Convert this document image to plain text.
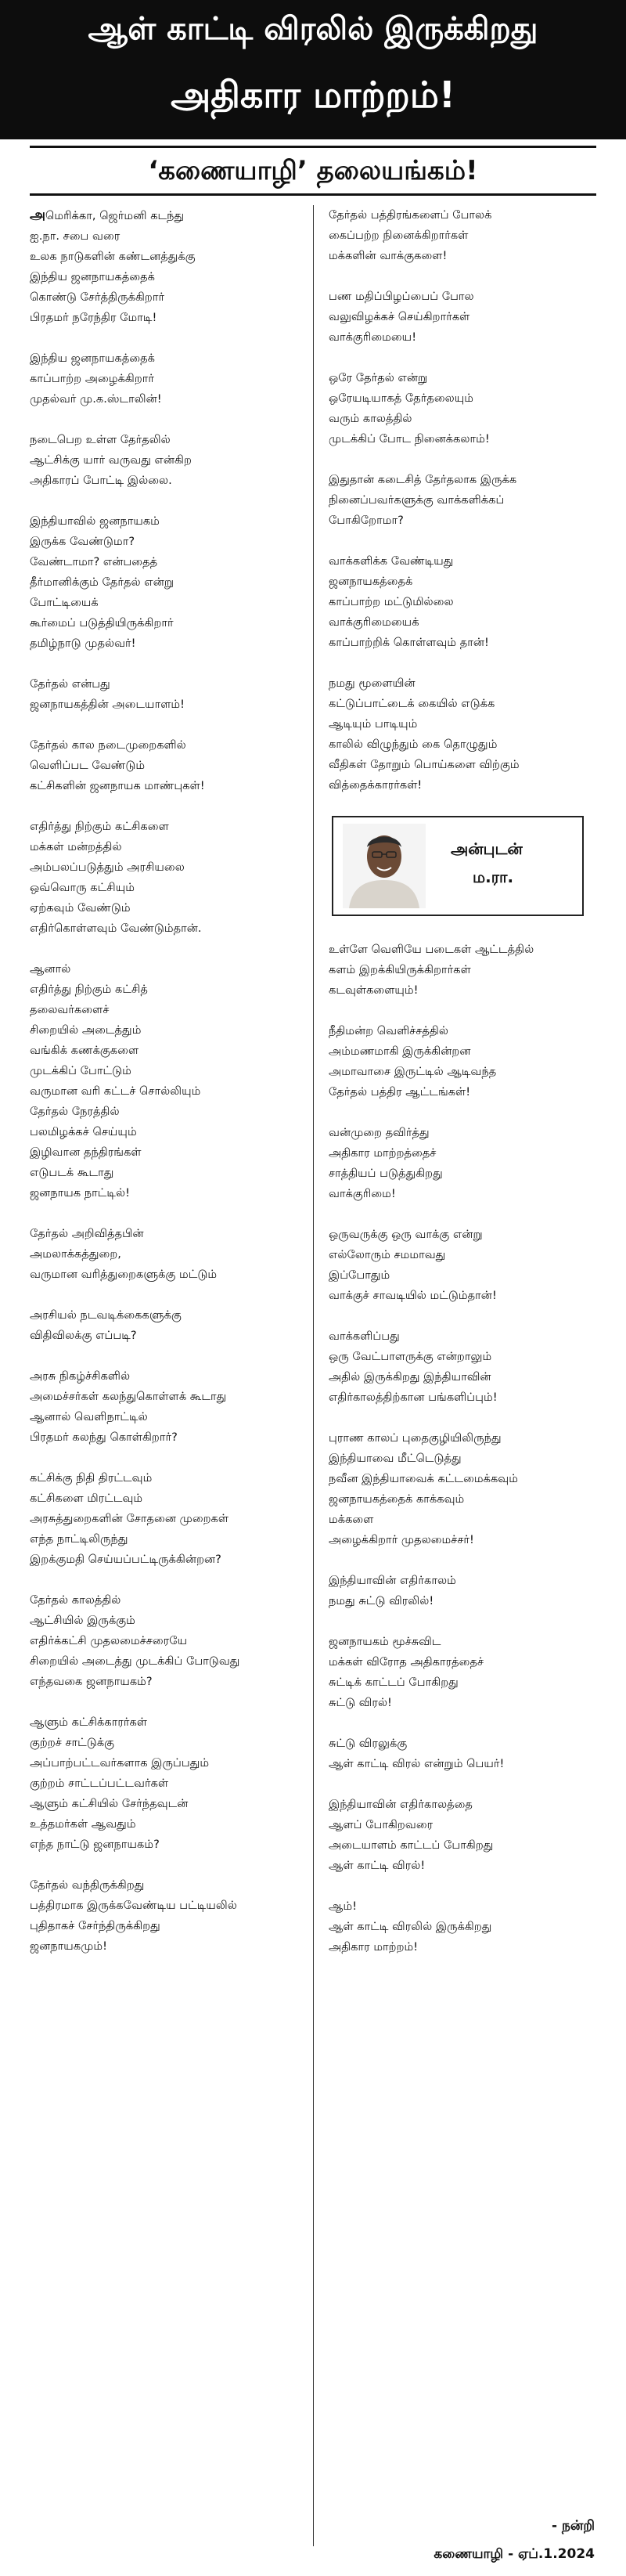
ஆள் காட்டி விரலில் இருக்கிறது
அதிகார மாற்றம்!
‘கணையாழி’ தலையங்கம்!
அமெரிக்கா, ஜெர்மனி கடந்து
ஐ.நா. சபை வரை
உலக நாடுகளின் கண்டனத்துக்கு
இந்திய ஜனநாயகத்தைக்
கொண்டு சேர்த்திருக்கிறார்
பிரதமர் நரேந்திர மோடி!
இந்திய ஜனநாயகத்தைக்
காப்பாற்ற அழைக்கிறார்
முதல்வர் மு.க.ஸ்டாலின்!
நடைபெற உள்ள தேர்தலில்
ஆட்சிக்கு யார் வருவது என்கிற
அதிகாரப் போட்டி இல்லை.
இந்தியாவில் ஜனநாயகம்
இருக்க வேண்டுமா?
வேண்டாமா? என்பதைத்
தீர்மானிக்கும் தேர்தல் என்று
போட்டியைக்
கூர்மைப் படுத்தியிருக்கிறார்
தமிழ்நாடு முதல்வர்!
தேர்தல் என்பது
ஜனநாயகத்தின் அடையாளம்!
தேர்தல் கால நடைமுறைகளில்
வெளிப்பட வேண்டும்
கட்சிகளின் ஜனநாயக மாண்புகள்!
எதிர்த்து நிற்கும் கட்சிகளை
மக்கள் மன்றத்தில்
அம்பலப்படுத்தும் அரசியலை
ஒவ்வொரு கட்சியும்
ஏற்கவும் வேண்டும்
எதிர்கொள்ளவும் வேண்டும்தான்.
ஆனால்
எதிர்த்து நிற்கும் கட்சித்
தலைவர்களைச்
சிறையில் அடைத்தும்
வங்கிக் கணக்குகளை
முடக்கிப் போட்டும்
வருமான வரி கட்டச் சொல்லியும்
தேர்தல் நேரத்தில்
பலமிழக்கச் செய்யும்
இழிவான தந்திரங்கள்
எடுபடக் கூடாது
ஜனநாயக நாட்டில்!
தேர்தல் அறிவித்தபின்
அமலாக்கத்துறை,
வருமான வரித்துறைகளுக்கு மட்டும்
அரசியல் நடவடிக்கைகளுக்கு
விதிவிலக்கு எப்படி?
அரசு நிகழ்ச்சிகளில்
அமைச்சர்கள் கலந்துகொள்ளக் கூடாது
ஆனால் வெளிநாட்டில்
பிரதமர் கலந்து கொள்கிறார்?
கட்சிக்கு நிதி திரட்டவும்
கட்சிகளை மிரட்டவும்
அரசுத்துறைகளின் சோதனை முறைகள்
எந்த நாட்டிலிருந்து
இறக்குமதி செய்யப்பட்டிருக்கின்றன?
தேர்தல் காலத்தில்
ஆட்சியில் இருக்கும்
எதிர்க்கட்சி முதலமைச்சரையே
சிறையில் அடைத்து முடக்கிப் போடுவது
எந்தவகை ஜனநாயகம்?
ஆளும் கட்சிக்காரர்கள்
குற்றச் சாட்டுக்கு
அப்பாற்பட்டவர்களாக இருப்பதும்
குற்றம் சாட்டப்பட்டவர்கள்
ஆளும் கட்சியில் சேர்ந்தவுடன்
உத்தமர்கள் ஆவதும்
எந்த நாட்டு ஜனநாயகம்?
தேர்தல் வந்திருக்கிறது
பத்திரமாக இருக்கவேண்டிய பட்டியலில்
புதிதாகச் சேர்ந்திருக்கிறது
ஜனநாயகமும்!
தேர்தல் பத்திரங்களைப் போலக்
கைப்பற்ற நினைக்கிறார்கள்
மக்களின் வாக்குகளை!
பண மதிப்பிழப்பைப் போல
வலுவிழக்கச் செய்கிறார்கள்
வாக்குரிமையை!
ஒரே தேர்தல் என்று
ஒரேயடியாகத் தேர்தலையும்
வரும் காலத்தில்
முடக்கிப் போட நினைக்கலாம்!
இதுதான் கடைசித் தேர்தலாக இருக்க
நினைப்பவர்களுக்கு வாக்களிக்கப்
போகிறோமா?
வாக்களிக்க வேண்டியது
ஜனநாயகத்தைக்
காப்பாற்ற மட்டுமில்லை
வாக்குரிமையைக்
காப்பாற்றிக் கொள்ளவும் தான்!
நமது மூளையின்
கட்டுப்பாட்டைக் கையில் எடுக்க
ஆடியும் பாடியும்
காலில் விழுந்தும் கை தொழுதும்
வீதிகள் தோறும் பொய்களை விற்கும்
வித்தைக்காரர்கள்!
அன்புடன்
ம.ரா.
உள்ளே வெளியே படைகள் ஆட்டத்தில்
களம் இறக்கியிருக்கிறார்கள்
கடவுள்களையும்!
நீதிமன்ற வெளிச்சத்தில்
அம்மணமாகி இருக்கின்றன
அமாவாசை இருட்டில் ஆடிவந்த
தேர்தல் பத்திர ஆட்டங்கள்!
வன்முறை தவிர்த்து
அதிகார மாற்றத்தைச்
சாத்தியப் படுத்துகிறது
வாக்குரிமை!
ஒருவருக்கு ஒரு வாக்கு என்று
எல்லோரும் சமமாவது
இப்போதும்
வாக்குச் சாவடியில் மட்டும்தான்!
வாக்களிப்பது
ஒரு வேட்பாளருக்கு என்றாலும்
அதில் இருக்கிறது இந்தியாவின்
எதிர்காலத்திற்கான பங்களிப்பும்!
புராண காலப் புதைகுழியிலிருந்து
இந்தியாவை மீட்டெடுத்து
நவீன இந்தியாவைக் கட்டமைக்கவும்
ஜனநாயகத்தைக் காக்கவும்
மக்களை
அழைக்கிறார் முதலமைச்சர்!
இந்தியாவின் எதிர்காலம்
நமது சுட்டு விரலில்!
ஜனநாயகம் மூச்சுவிட
மக்கள் விரோத அதிகாரத்தைச்
சுட்டிக் காட்டப் போகிறது
சுட்டு விரல்!
சுட்டு விரலுக்கு
ஆள் காட்டி விரல் என்றும் பெயர்!
இந்தியாவின் எதிர்காலத்தை
ஆளப் போகிறவரை
அடையாளம் காட்டப் போகிறது
ஆள் காட்டி விரல்!
ஆம்!
ஆள் காட்டி விரலில் இருக்கிறது
அதிகார மாற்றம்!
- நன்றி
கணையாழி - ஏப்.1.2024
